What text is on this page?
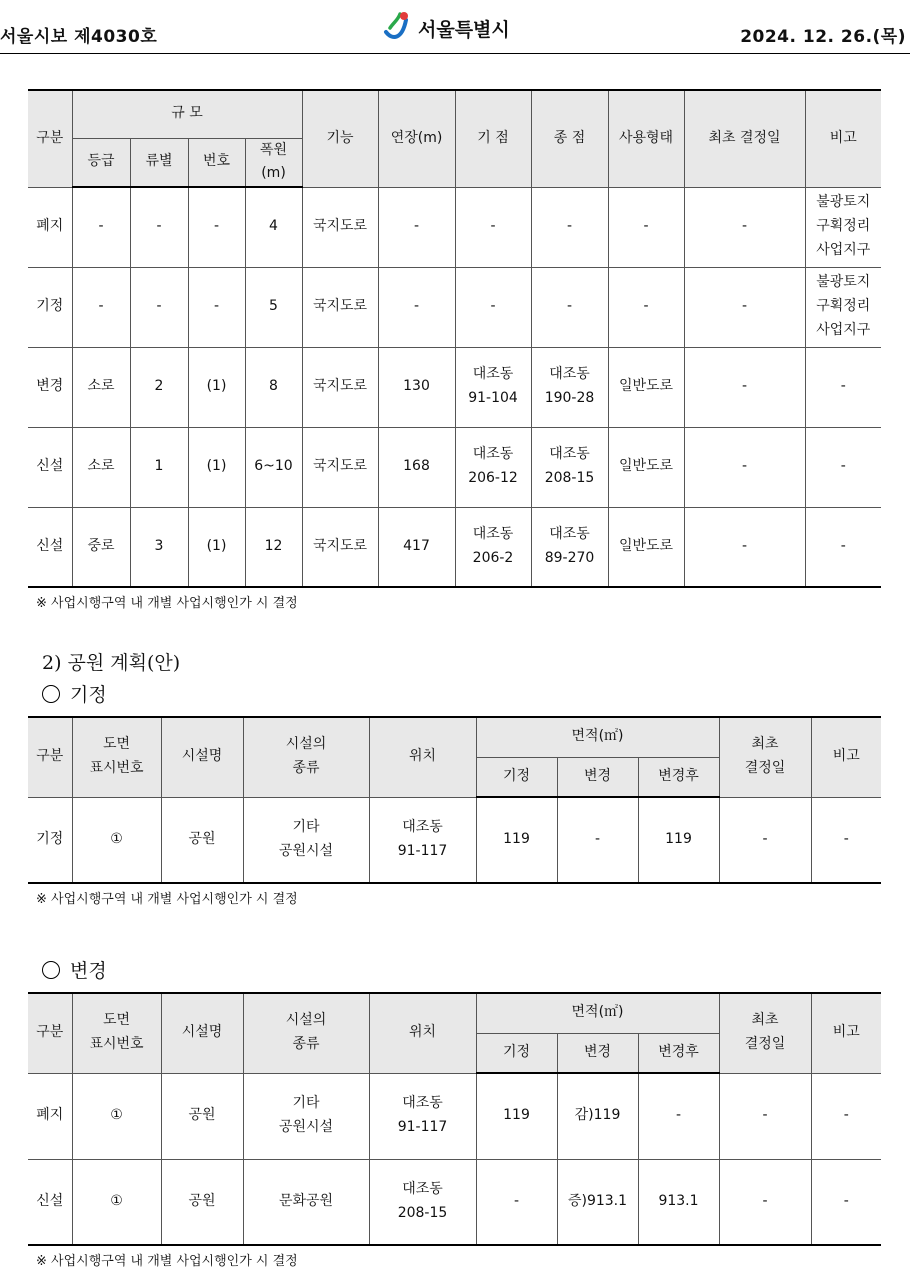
서울시보 제4030호	서울특별시	2024. 12. 26.(목)
구분	규 모				기능	연장(m)	기 점	종 점	사용형태	최초 결정일	비고
	등급	류별	번호	폭원
(m)							
폐지	-	-	-	4	국지도로	-	-	-	-	-	불광토지
구획정리
사업지구
기정	-	-	-	5	국지도로	-	-	-	-	-	불광토지
구획정리
사업지구
변경	소로	2	(1)	8	국지도로	130	대조동
91-104	대조동
190-28	일반도로	-	-
신설	소로	1	(1)	6~10	국지도로	168	대조동
206-12	대조동
208-15	일반도로	-	-
신설	중로	3	(1)	12	국지도로	417	대조동
206-2	대조동
89-270	일반도로	-	-
※ 사업시행구역 내 개별 사업시행인가 시 결정
2) 공원 계획(안)
기정
구분	도면
표시번호	시설명	시설의
종류	위치	면적(㎡)			최초
결정일	비고
					기정	변경	변경후		
기정	①	공원	기타
공원시설	대조동
91-117	119	-	119	-	-
※ 사업시행구역 내 개별 사업시행인가 시 결정
변경
구분	도면
표시번호	시설명	시설의
종류	위치	면적(㎡)			최초
결정일	비고
					기정	변경	변경후		
폐지	①	공원	기타
공원시설	대조동
91-117	119	감)119	-	-	-
신설	①	공원	문화공원	대조동
208-15	-	증)913.1	913.1	-	-
※ 사업시행구역 내 개별 사업시행인가 시 결정
